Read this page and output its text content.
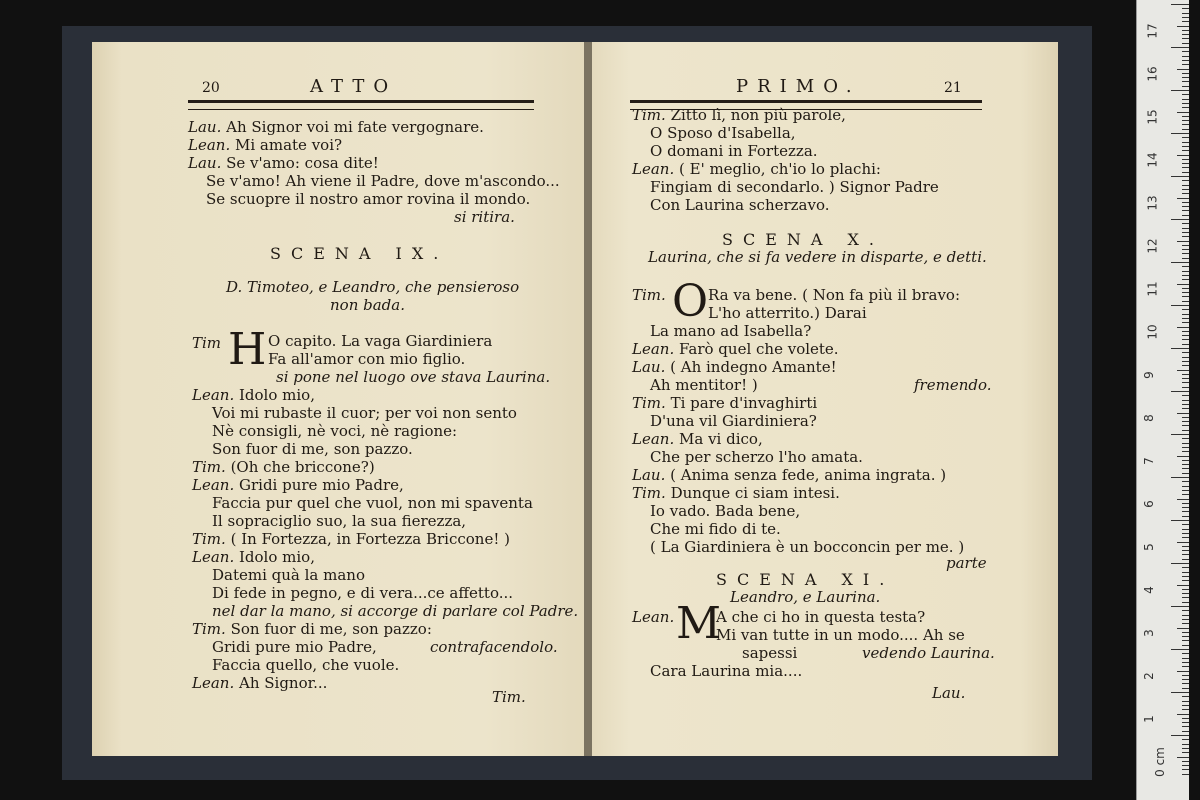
20	ATTO
Lau. Ah Signor voi mi fate vergognare.
Lean. Mi amate voi?
Lau. Se v'amo: cosa dite!
Se v'amo! Ah viene il Padre, dove m'ascondo...
Se scuopre il nostro amor rovina il mondo.
si ritira.
SCENA IX.
D. Timoteo, e Leandro, che pensieroso
non bada.
Tim H O capito. La vaga Giardiniera
Fa all'amor con mio figlio.
si pone nel luogo ove stava Laurina.
Lean. Idolo mio,
Voi mi rubaste il cuor; per voi non sento
Nè consigli, nè voci, nè ragione:
Son fuor di me, son pazzo.
Tim. (Oh che briccone?)
Lean. Gridi pure mio Padre,
Faccia pur quel che vuol, non mi spaventa
Il sopraciglio suo, la sua fierezza,
Tim. ( In Fortezza, in Fortezza Briccone! )
Lean. Idolo mio,
Datemi quà la mano
Di fede in pegno, e di vera...ce affetto...
nel dar la mano, si accorge di parlare col Padre.
Tim. Son fuor di me, son pazzo:
Gridi pure mio Padre,	contrafacendolo.
Faccia quello, che vuole.
Lean. Ah Signor...
Tim.
PRIMO.	21
Tim. Zitto lì, non più parole,
O Sposo d'Isabella,
O domani in Fortezza.
Lean. ( E' meglio, ch'io lo plachi:
Fingiam di secondarlo. ) Signor Padre
Con Laurina scherzavo.
SCENA X.
Laurina, che si fa vedere in disparte, e detti.
Tim. O Ra va bene. ( Non fa più il bravo:
L'ho atterrito.) Darai
La mano ad Isabella?
Lean. Farò quel che volete.
Lau. ( Ah indegno Amante!
Ah mentitor! )	fremendo.
Tim. Ti pare d'invaghirti
D'una vil Giardiniera?
Lean. Ma vi dico,
Che per scherzo l'ho amata.
Lau. ( Anima senza fede, anima ingrata. )
Tim. Dunque ci siam intesi.
Io vado. Bada bene,
Che mi fido di te.
( La Giardiniera è un bocconcin per me. )
parte
SCENA XI.
Leandro, e Laurina.
Lean. M
A che ci ho in questa testa?
Mi van tutte in un modo.... Ah se
sapessi	vedendo Laurina.
Cara Laurina mia....
Lau.
17
16
15
14
13
12
11
10
9
8
7
6
5
4
3
2
1
0 cm
